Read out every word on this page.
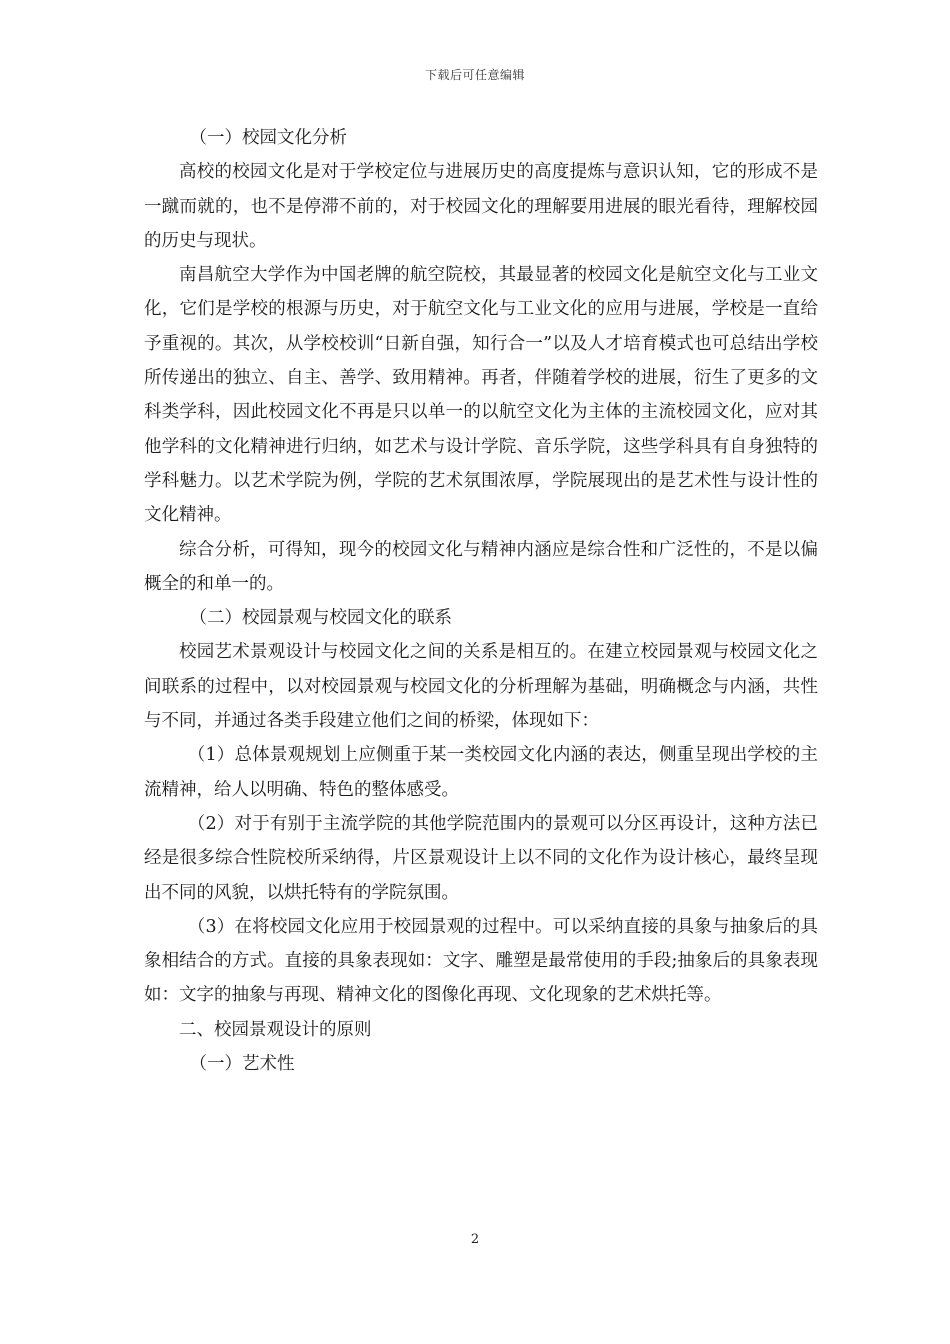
下载后可任意编辑

（一）校园文化分析

高校的校园文化是对于学校定位与进展历史的高度提炼与意识认知，它的形成不是一蹴而就的，也不是停滞不前的，对于校园文化的理解要用进展的眼光看待，理解校园的历史与现状。

南昌航空大学作为中国老牌的航空院校，其最显著的校园文化是航空文化与工业文化，它们是学校的根源与历史，对于航空文化与工业文化的应用与进展，学校是一直给予重视的。其次，从学校校训“日新自强，知行合一”以及人才培育模式也可总结出学校所传递出的独立、自主、善学、致用精神。再者，伴随着学校的进展，衍生了更多的文科类学科，因此校园文化不再是只以单一的以航空文化为主体的主流校园文化，应对其他学科的文化精神进行归纳，如艺术与设计学院、音乐学院，这些学科具有自身独特的学科魅力。以艺术学院为例，学院的艺术氛围浓厚，学院展现出的是艺术性与设计性的文化精神。

综合分析，可得知，现今的校园文化与精神内涵应是综合性和广泛性的，不是以偏概全的和单一的。

（二）校园景观与校园文化的联系

校园艺术景观设计与校园文化之间的关系是相互的。在建立校园景观与校园文化之间联系的过程中，以对校园景观与校园文化的分析理解为基础，明确概念与内涵，共性与不同，并通过各类手段建立他们之间的桥梁，体现如下：

（1）总体景观规划上应侧重于某一类校园文化内涵的表达，侧重呈现出学校的主流精神，给人以明确、特色的整体感受。

（2）对于有别于主流学院的其他学院范围内的景观可以分区再设计，这种方法已经是很多综合性院校所采纳得，片区景观设计上以不同的文化作为设计核心，最终呈现出不同的风貌，以烘托特有的学院氛围。

（3）在将校园文化应用于校园景观的过程中。可以采纳直接的具象与抽象后的具象相结合的方式。直接的具象表现如：文字、雕塑是最常使用的手段;抽象后的具象表现如：文字的抽象与再现、精神文化的图像化再现、文化现象的艺术烘托等。

二、校园景观设计的原则

（一）艺术性

2
